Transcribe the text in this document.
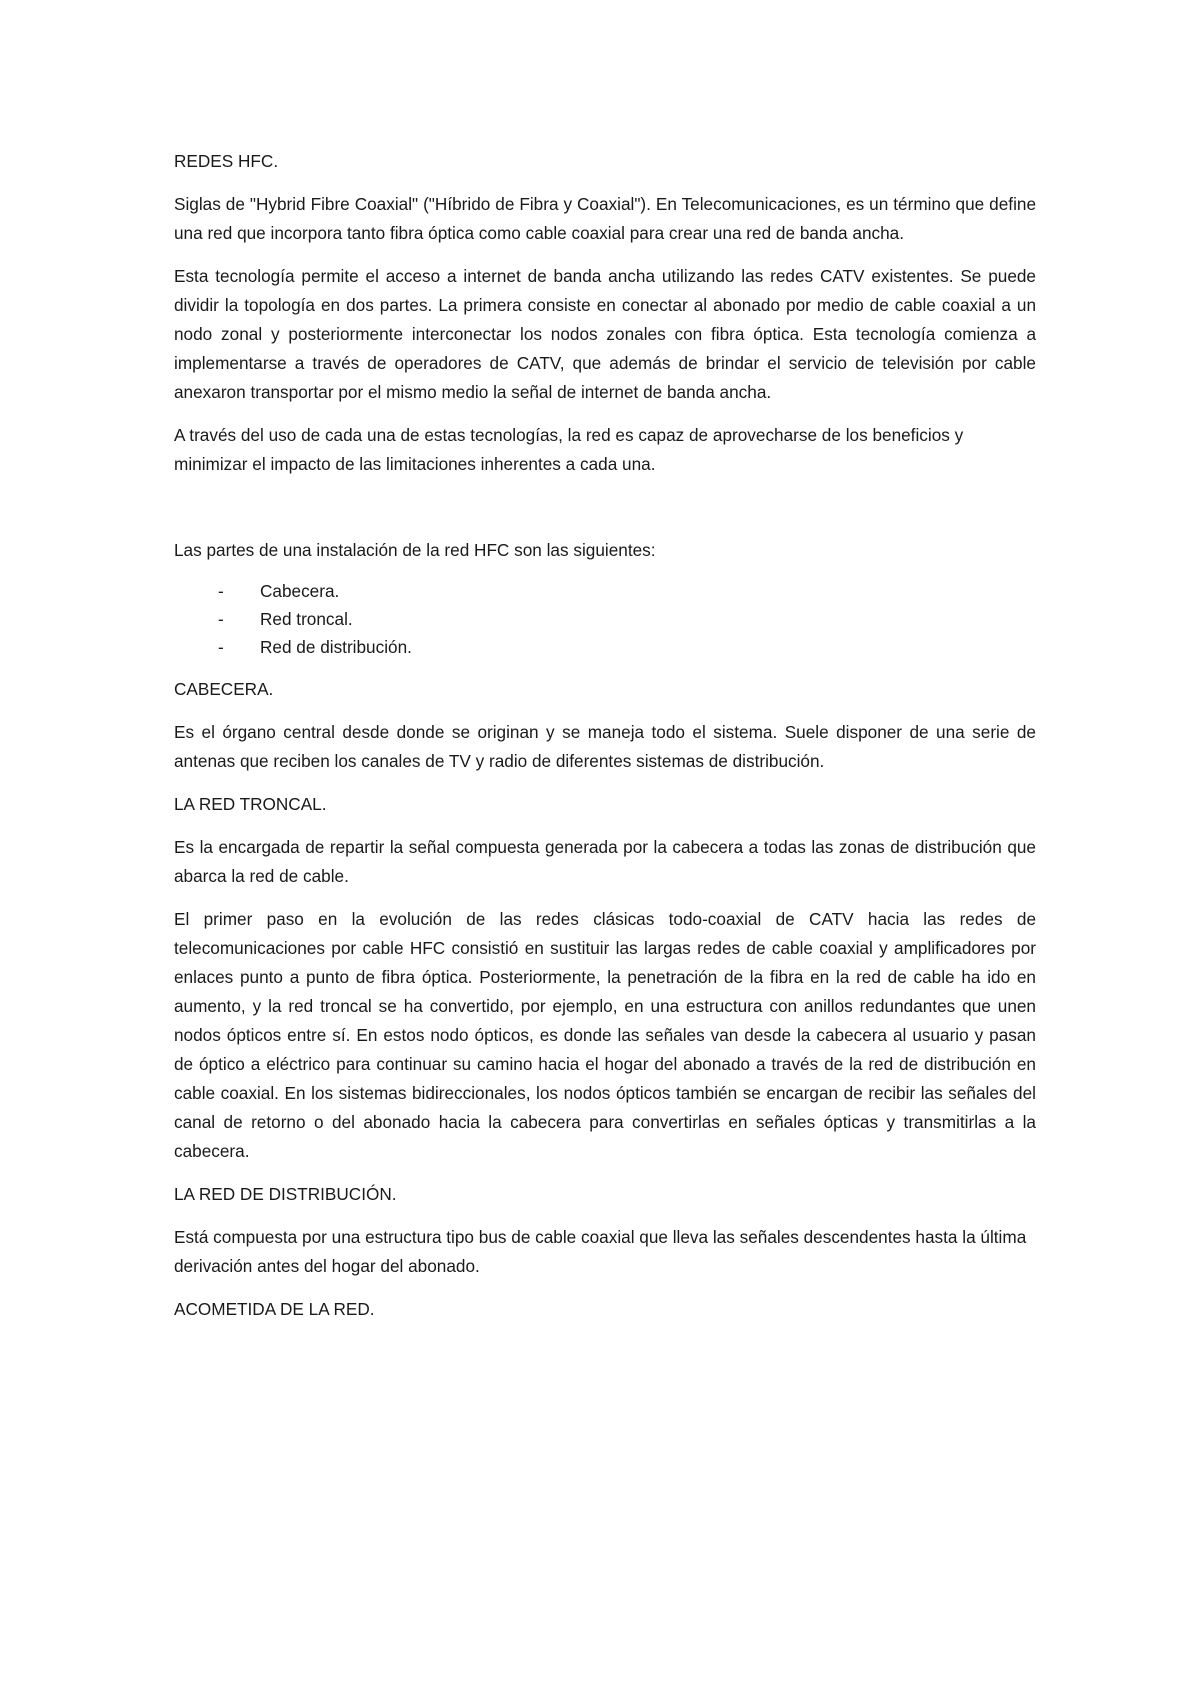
REDES HFC.

Siglas de "Hybrid Fibre Coaxial" ("Híbrido de Fibra y Coaxial"). En Telecomunicaciones, es un término que define una red que incorpora tanto fibra óptica como cable coaxial para crear una red de banda ancha.

Esta tecnología permite el acceso a internet de banda ancha utilizando las redes CATV existentes. Se puede dividir la topología en dos partes. La primera consiste en conectar al abonado por medio de cable coaxial a un nodo zonal y posteriormente interconectar los nodos zonales con fibra óptica. Esta tecnología comienza a implementarse a través de operadores de CATV, que además de brindar el servicio de televisión por cable anexaron transportar por el mismo medio la señal de internet de banda ancha.

A través del uso de cada una de estas tecnologías, la red es capaz de aprovecharse de los beneficios y minimizar el impacto de las limitaciones inherentes a cada una.

Las partes de una instalación de la red HFC son las siguientes:

-	Cabecera.
-	Red troncal.
-	Red de distribución.

CABECERA.

Es el órgano central desde donde se originan y se maneja todo el sistema. Suele disponer de una serie de antenas que reciben los canales de TV y radio de diferentes sistemas de distribución.

LA RED TRONCAL.

Es la encargada de repartir la señal compuesta generada por la cabecera a todas las zonas de distribución que abarca la red de cable.

El primer paso en la evolución de las redes clásicas todo-coaxial de CATV hacia las redes de telecomunicaciones por cable HFC consistió en sustituir las largas redes de cable coaxial y amplificadores por enlaces punto a punto de fibra óptica. Posteriormente, la penetración de la fibra en la red de cable ha ido en aumento, y la red troncal se ha convertido, por ejemplo, en una estructura con anillos redundantes que unen nodos ópticos entre sí. En estos nodo ópticos, es donde las señales van desde la cabecera al usuario y pasan de óptico a eléctrico para continuar su camino hacia el hogar del abonado a través de la red de distribución en cable coaxial. En los sistemas bidireccionales, los nodos ópticos también se encargan de recibir las señales del canal de retorno o del abonado hacia la cabecera para convertirlas en señales ópticas y transmitirlas a la cabecera.

LA RED DE DISTRIBUCIÓN.

Está compuesta por una estructura tipo bus de cable coaxial que lleva las señales descendentes hasta la última derivación antes del hogar del abonado.

ACOMETIDA DE LA RED.
